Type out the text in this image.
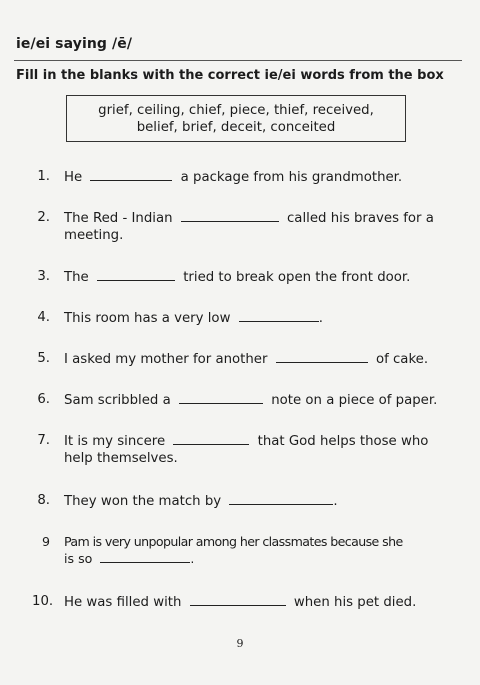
ie/ei saying /ē/
Fill in the blanks with the correct ie/ei words from the box
grief, ceiling, chief, piece, thief, received,
belief, brief, deceit, conceited
1. He	a package from his grandmother.
2. The Red - Indian	called his braves for a
meeting.
3. The	tried to break open the front door.
4. This room has a very low	.
5. I asked my mother for another	of cake.
6. Sam scribbled a	note on a piece of paper.
7. It is my sincere	that God helps those who
help themselves.
8. They won the match by	.
9 Pam is very unpopular among her classmates because she
is so	.
10. He was filled with	when his pet died.
9
